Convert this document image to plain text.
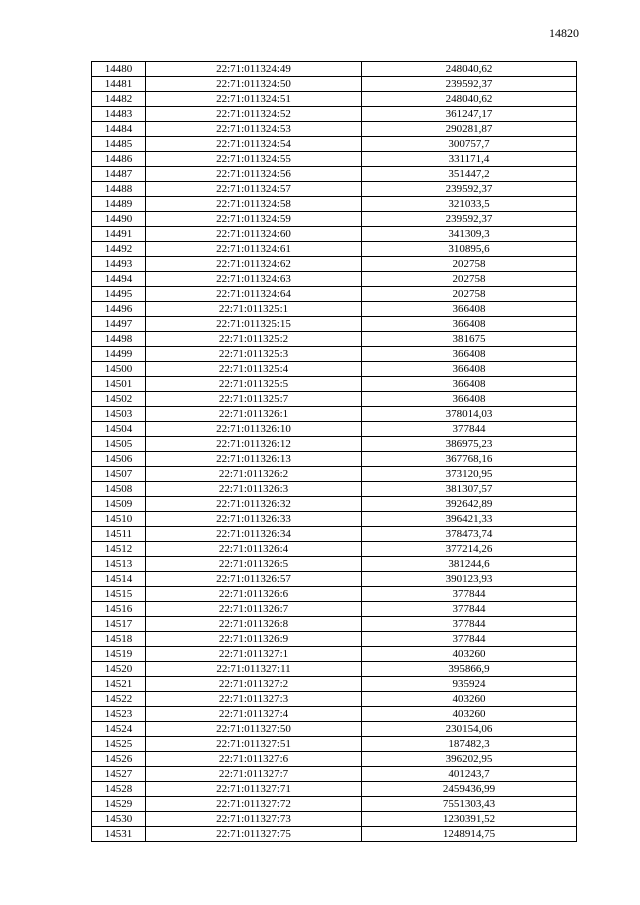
14820
14480	22:71:011324:49	248040,62
14481	22:71:011324:50	239592,37
14482	22:71:011324:51	248040,62
14483	22:71:011324:52	361247,17
14484	22:71:011324:53	290281,87
14485	22:71:011324:54	300757,7
14486	22:71:011324:55	331171,4
14487	22:71:011324:56	351447,2
14488	22:71:011324:57	239592,37
14489	22:71:011324:58	321033,5
14490	22:71:011324:59	239592,37
14491	22:71:011324:60	341309,3
14492	22:71:011324:61	310895,6
14493	22:71:011324:62	202758
14494	22:71:011324:63	202758
14495	22:71:011324:64	202758
14496	22:71:011325:1	366408
14497	22:71:011325:15	366408
14498	22:71:011325:2	381675
14499	22:71:011325:3	366408
14500	22:71:011325:4	366408
14501	22:71:011325:5	366408
14502	22:71:011325:7	366408
14503	22:71:011326:1	378014,03
14504	22:71:011326:10	377844
14505	22:71:011326:12	386975,23
14506	22:71:011326:13	367768,16
14507	22:71:011326:2	373120,95
14508	22:71:011326:3	381307,57
14509	22:71:011326:32	392642,89
14510	22:71:011326:33	396421,33
14511	22:71:011326:34	378473,74
14512	22:71:011326:4	377214,26
14513	22:71:011326:5	381244,6
14514	22:71:011326:57	390123,93
14515	22:71:011326:6	377844
14516	22:71:011326:7	377844
14517	22:71:011326:8	377844
14518	22:71:011326:9	377844
14519	22:71:011327:1	403260
14520	22:71:011327:11	395866,9
14521	22:71:011327:2	935924
14522	22:71:011327:3	403260
14523	22:71:011327:4	403260
14524	22:71:011327:50	230154,06
14525	22:71:011327:51	187482,3
14526	22:71:011327:6	396202,95
14527	22:71:011327:7	401243,7
14528	22:71:011327:71	2459436,99
14529	22:71:011327:72	7551303,43
14530	22:71:011327:73	1230391,52
14531	22:71:011327:75	1248914,75
